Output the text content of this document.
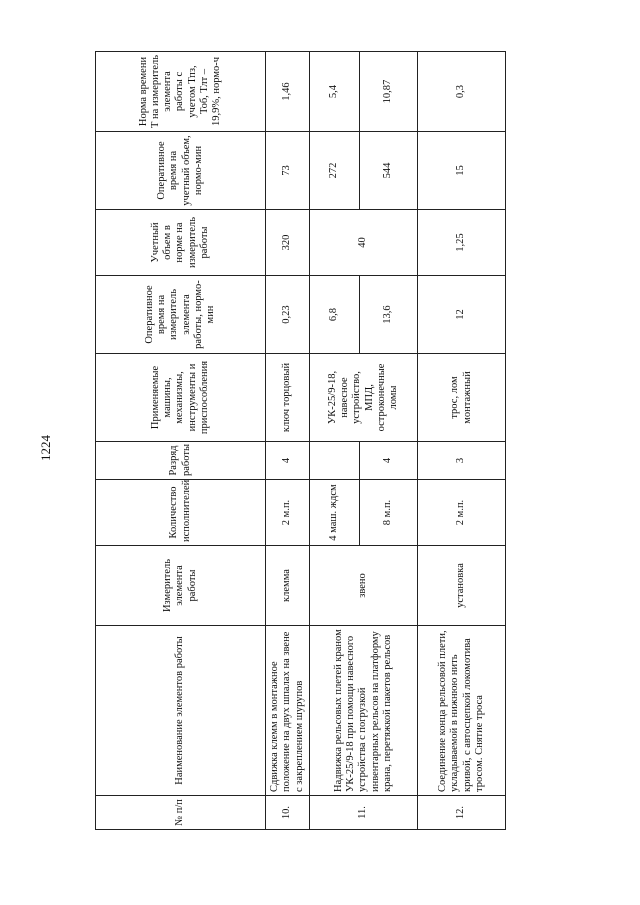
1224
№ п/п	Наименование элементов работы	Измеритель элемента работы	Количество исполнителей	Разряд работы	Применяемые машины, механизмы, инструменты и приспособления	Оперативное время на измеритель элемента работы, нормо-мин	Учетный объем в норме на измеритель работы	Оперативное время на учетный объем, нормо-мин	Норма времени Т на измеритель элемента работы с учетом Тпз, Тоб, Тлт – 19,9%, нормо-ч
10.	Сдвижка клемм в монтажное положение на двух шпалах на звене с закреплением шурупов	клемма	2 м.п.	4	ключ торцовый	0,23	320	73	1,46
11.	Надвижка рельсовых плетей краном УК-25/9-18 при помощи навесного устройства с погрузкой инвентарных рельсов на платформу крана, перетяжкой пакетов рельсов	звено	4 маш. ждсм		УК-25/9-18, навесное устройство, МПД, остроконечные ломы	6,8	40	272	5,4
			8 м.п.	4		13,6		544	10,87
12.	Соединение конца рельсовой плети, укладываемой в нижнюю нить кривой, с автосцепкой локомотива тросом. Снятие троса	установка	2 м.п.	3	трос, лом монтажный	12	1,25	15	0,3
